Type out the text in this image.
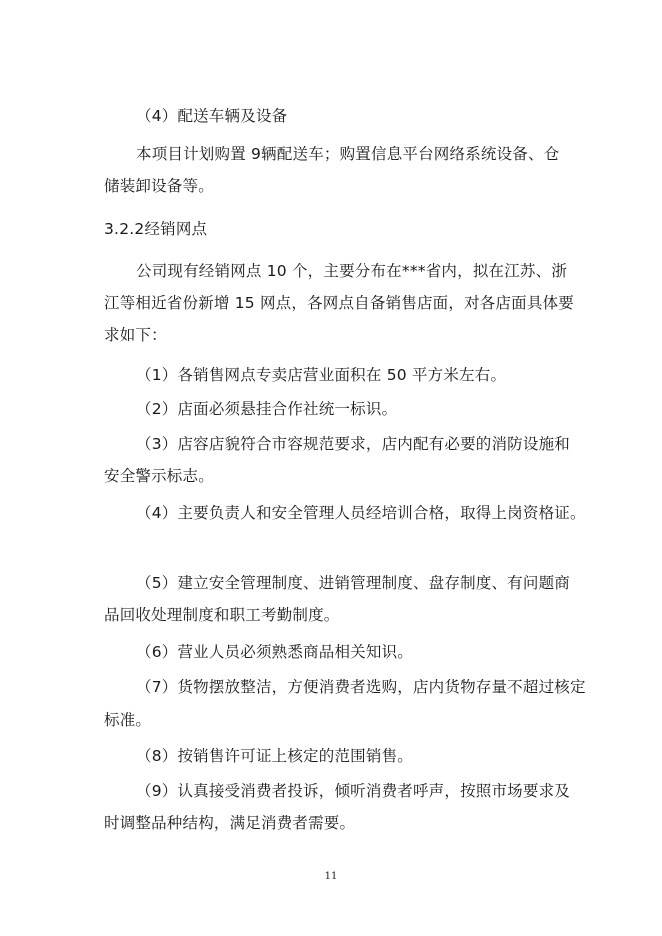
（4）配送车辆及设备
本项目计划购置 9辆配送车；购置信息平台网络系统设备、仓
储装卸设备等。
3.2.2经销网点
公司现有经销网点 10 个，主要分布在***省内，拟在江苏、浙
江等相近省份新增 15 网点，各网点自备销售店面，对各店面具体要
求如下：
（1）各销售网点专卖店营业面积在 50 平方米左右。
（2）店面必须悬挂合作社统一标识。
（3）店容店貌符合市容规范要求，店内配有必要的消防设施和
安全警示标志。
（4）主要负责人和安全管理人员经培训合格，取得上岗资格证。
（5）建立安全管理制度、进销管理制度、盘存制度、有问题商
品回收处理制度和职工考勤制度。
（6）营业人员必须熟悉商品相关知识。
（7）货物摆放整洁，方便消费者选购，店内货物存量不超过核定
标准。
（8）按销售许可证上核定的范围销售。
（9）认真接受消费者投诉，倾听消费者呼声，按照市场要求及
时调整品种结构，满足消费者需要。
11
